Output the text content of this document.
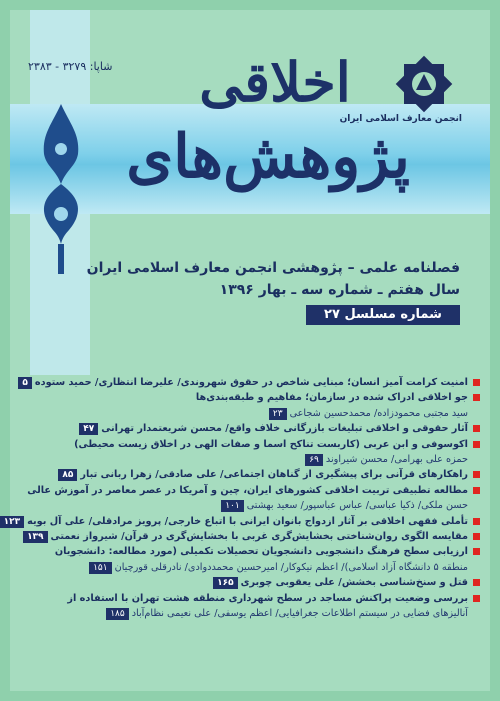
شاپا: ۳۲۷۹ - ۲۳۸۳
انجمن معارف اسلامی ایران
اخلاقی
پژوهش‌های
فصلنامه علمی – پژوهشی انجمن معارف اسلامی ایران
سال هفتم ـ شماره سه ـ بهار ۱۳۹۶
شماره مسلسل ۲۷
امنیت کرامت آمیز انسان؛ مبنایی شاخص در حقوق شهروندی/ علیرضا انتظاری/ حمید ستوده۵
جو اخلاقی ادراک شده در سازمان؛ مفاهیم و طبقه‌بندی‌ها
سید مجتبی محمودزاده/ محمدحسین شجاعی۲۳
آثار حقوقی و اخلاقی تبلیغات بازرگانی خلاف واقع/ محسن شریعتمدار تهرانی۴۷
اکوسوفی و ابن عربی (کاربست تناکح اسما و صفات الهی در اخلاق زیست محیطی)
حمزه علی بهرامی/ محسن شیراوند۶۹
راهکارهای قرآنی برای پیشگیری از گناهان اجتماعی/ علی صادقی/ زهرا ربانی تبار۸۵
مطالعه تطبیقی تربیت اخلاقی کشورهای ایران، چین و آمریکا در عصر معاصر در آموزش عالی
حسن ملکی/ ذکیا عباسی/ عباس عباسپور/ سعید بهشتی۱۰۱
تأملی فقهی اخلاقی بر آثار ازدواج بانوان ایرانی با اتباع خارجی/ پرویز مرادقلی/ علی آل بویه۱۲۳
مقایسه الگوی روان‌شناختی بخشایش‌گری غربی با بخشایش‌گری در قرآن/ شیرواز نعمتی۱۳۹
ارزیابی سطح فرهنگ دانشجویی دانشجویان تحصیلات تکمیلی (مورد مطالعه: دانشجویان
منطقه ۵ دانشگاه آزاد اسلامی)/ اعظم نیکوکار/ امیرحسین محمددوادی/ نادرقلی قورچیان۱۵۱
قتل و سنخ‌شناسی بخشش/ علی یعقوبی چوبری۱۶۵
بررسی وضعیت پراکنش مساجد در سطح شهرداری منطقه هشت تهران با استفاده از
آنالیزهای فضایی در سیستم اطلاعات جغرافیایی/ اعظم یوسفی/ علی نعیمی نظام‌آباد۱۸۵
